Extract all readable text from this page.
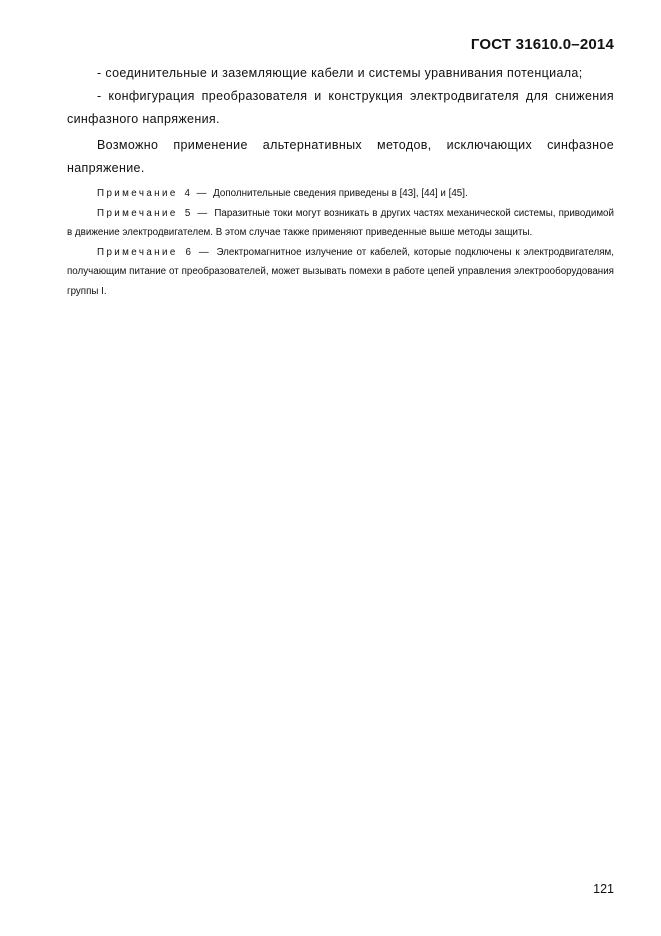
ГОСТ 31610.0–2014

- соединительные и заземляющие кабели и системы уравнивания потенциала;

- конфигурация преобразователя и конструкция электродвигателя для снижения синфазного напряжения.

Возможно применение альтернативных методов, исключающих синфазное напряжение.

Примечание 4 — Дополнительные сведения приведены в [43], [44] и [45].

Примечание 5 — Паразитные токи могут возникать в других частях механической системы, приводимой в движение электродвигателем. В этом случае также применяют приведенные выше методы защиты.

Примечание 6 — Электромагнитное излучение от кабелей, которые подключены к электродвигателям, получающим питание от преобразователей, может вызывать помехи в работе цепей управления электрооборудования группы I.

121
